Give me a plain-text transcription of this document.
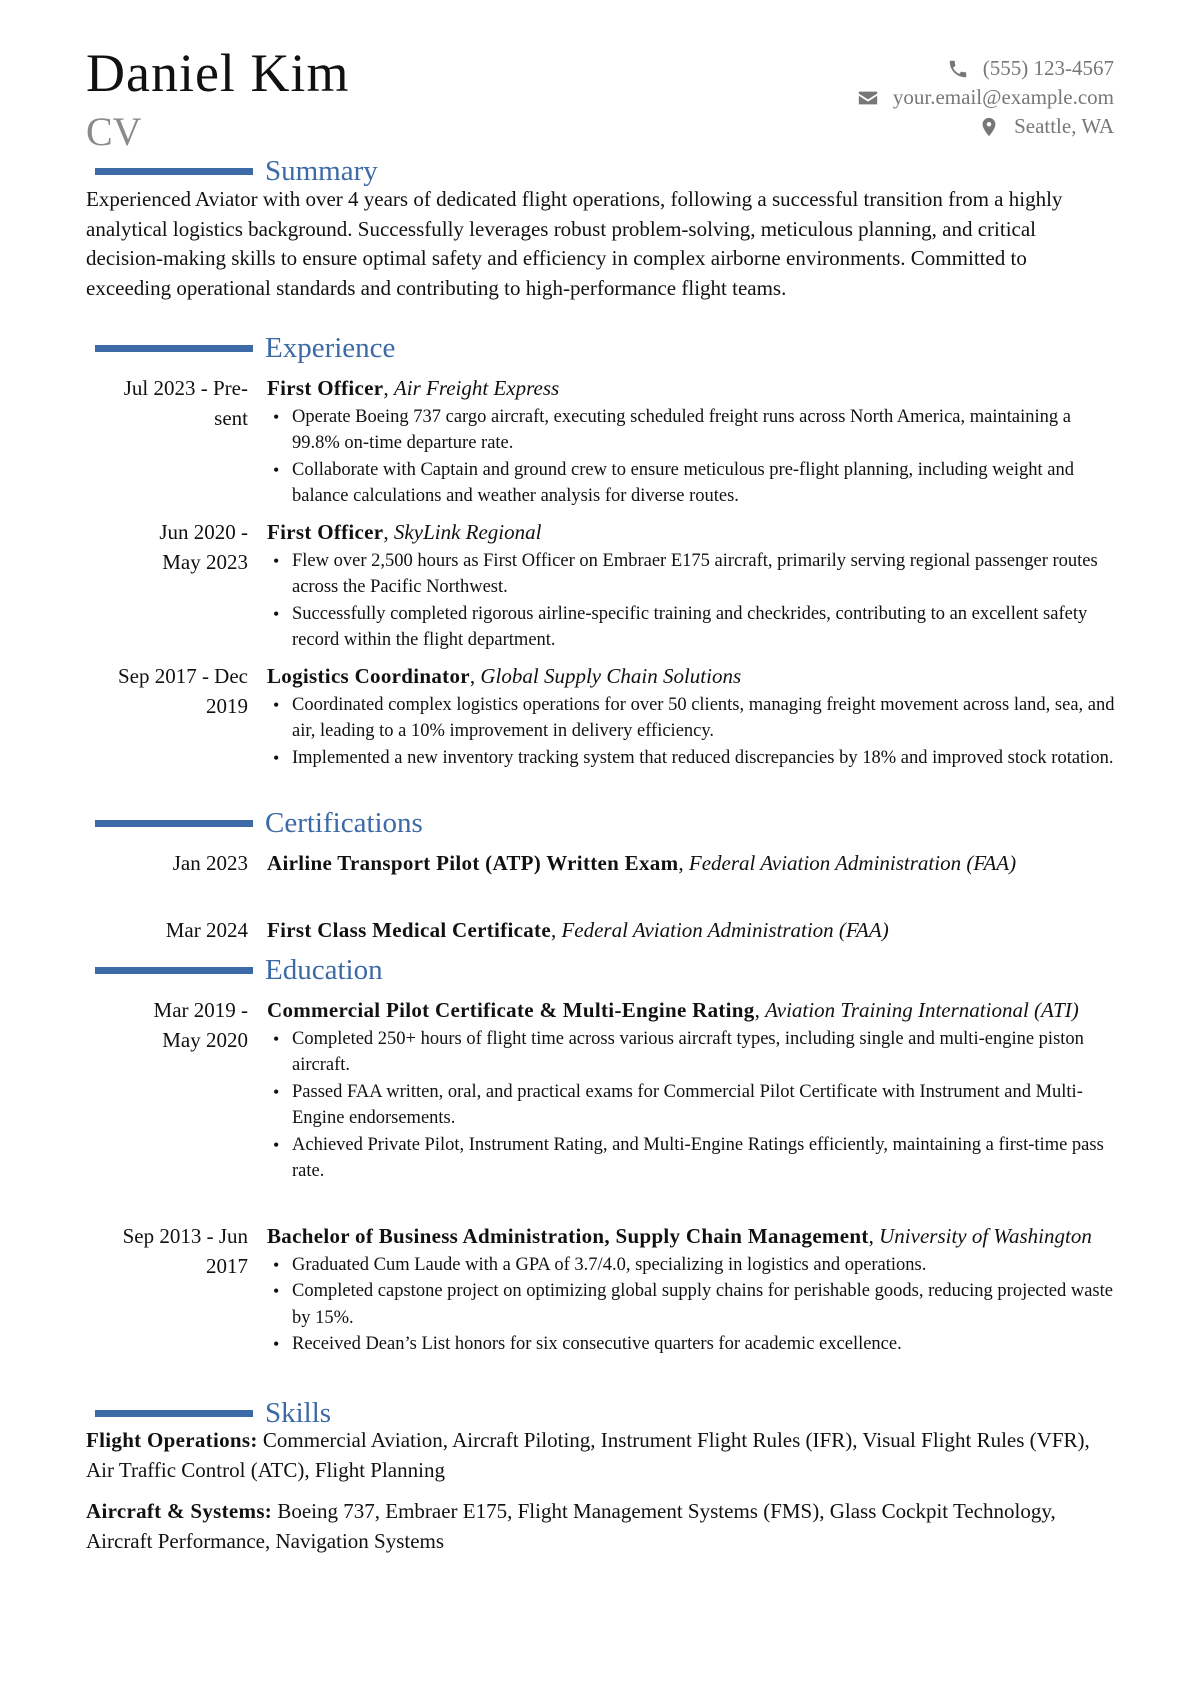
Daniel Kim
CV
(555) 123-4567
your.email@example.com
Seattle, WA
Summary
Experienced Aviator with over 4 years of dedicated flight operations, following a successful transition from a highly analytical logistics background. Successfully leverages robust problem-solving, meticulous planning, and critical decision-making skills to ensure optimal safety and efficiency in complex airborne environments. Committed to exceeding operational standards and contributing to high-performance flight teams.
Experience
Jul 2023 - Pre-
sent
First Officer, Air Freight Express
• Operate Boeing 737 cargo aircraft, executing scheduled freight runs across North America, maintaining a 99.8% on-time departure rate.
• Collaborate with Captain and ground crew to ensure meticulous pre-flight planning, including weight and balance calculations and weather analysis for diverse routes.
Jun 2020 -
May 2023
First Officer, SkyLink Regional
• Flew over 2,500 hours as First Officer on Embraer E175 aircraft, primarily serving regional passenger routes across the Pacific Northwest.
• Successfully completed rigorous airline-specific training and checkrides, contributing to an excellent safety record within the flight department.
Sep 2017 - Dec
2019
Logistics Coordinator, Global Supply Chain Solutions
• Coordinated complex logistics operations for over 50 clients, managing freight movement across land, sea, and air, leading to a 10% improvement in delivery efficiency.
• Implemented a new inventory tracking system that reduced discrepancies by 18% and improved stock rotation.
Certifications
Jan 2023 Airline Transport Pilot (ATP) Written Exam, Federal Aviation Administration (FAA)
Mar 2024 First Class Medical Certificate, Federal Aviation Administration (FAA)
Education
Mar 2019 -
May 2020
Commercial Pilot Certificate & Multi-Engine Rating, Aviation Training International (ATI)
• Completed 250+ hours of flight time across various aircraft types, including single and multi-engine piston aircraft.
• Passed FAA written, oral, and practical exams for Commercial Pilot Certificate with Instrument and Multi-Engine endorsements.
• Achieved Private Pilot, Instrument Rating, and Multi-Engine Ratings efficiently, maintaining a first-time pass rate.
Sep 2013 - Jun
2017
Bachelor of Business Administration, Supply Chain Management, University of Washington
• Graduated Cum Laude with a GPA of 3.7/4.0, specializing in logistics and operations.
• Completed capstone project on optimizing global supply chains for perishable goods, reducing projected waste by 15%.
• Received Dean’s List honors for six consecutive quarters for academic excellence.
Skills
Flight Operations: Commercial Aviation, Aircraft Piloting, Instrument Flight Rules (IFR), Visual Flight Rules (VFR), Air Traffic Control (ATC), Flight Planning
Aircraft & Systems: Boeing 737, Embraer E175, Flight Management Systems (FMS), Glass Cockpit Technology, Aircraft Performance, Navigation Systems
